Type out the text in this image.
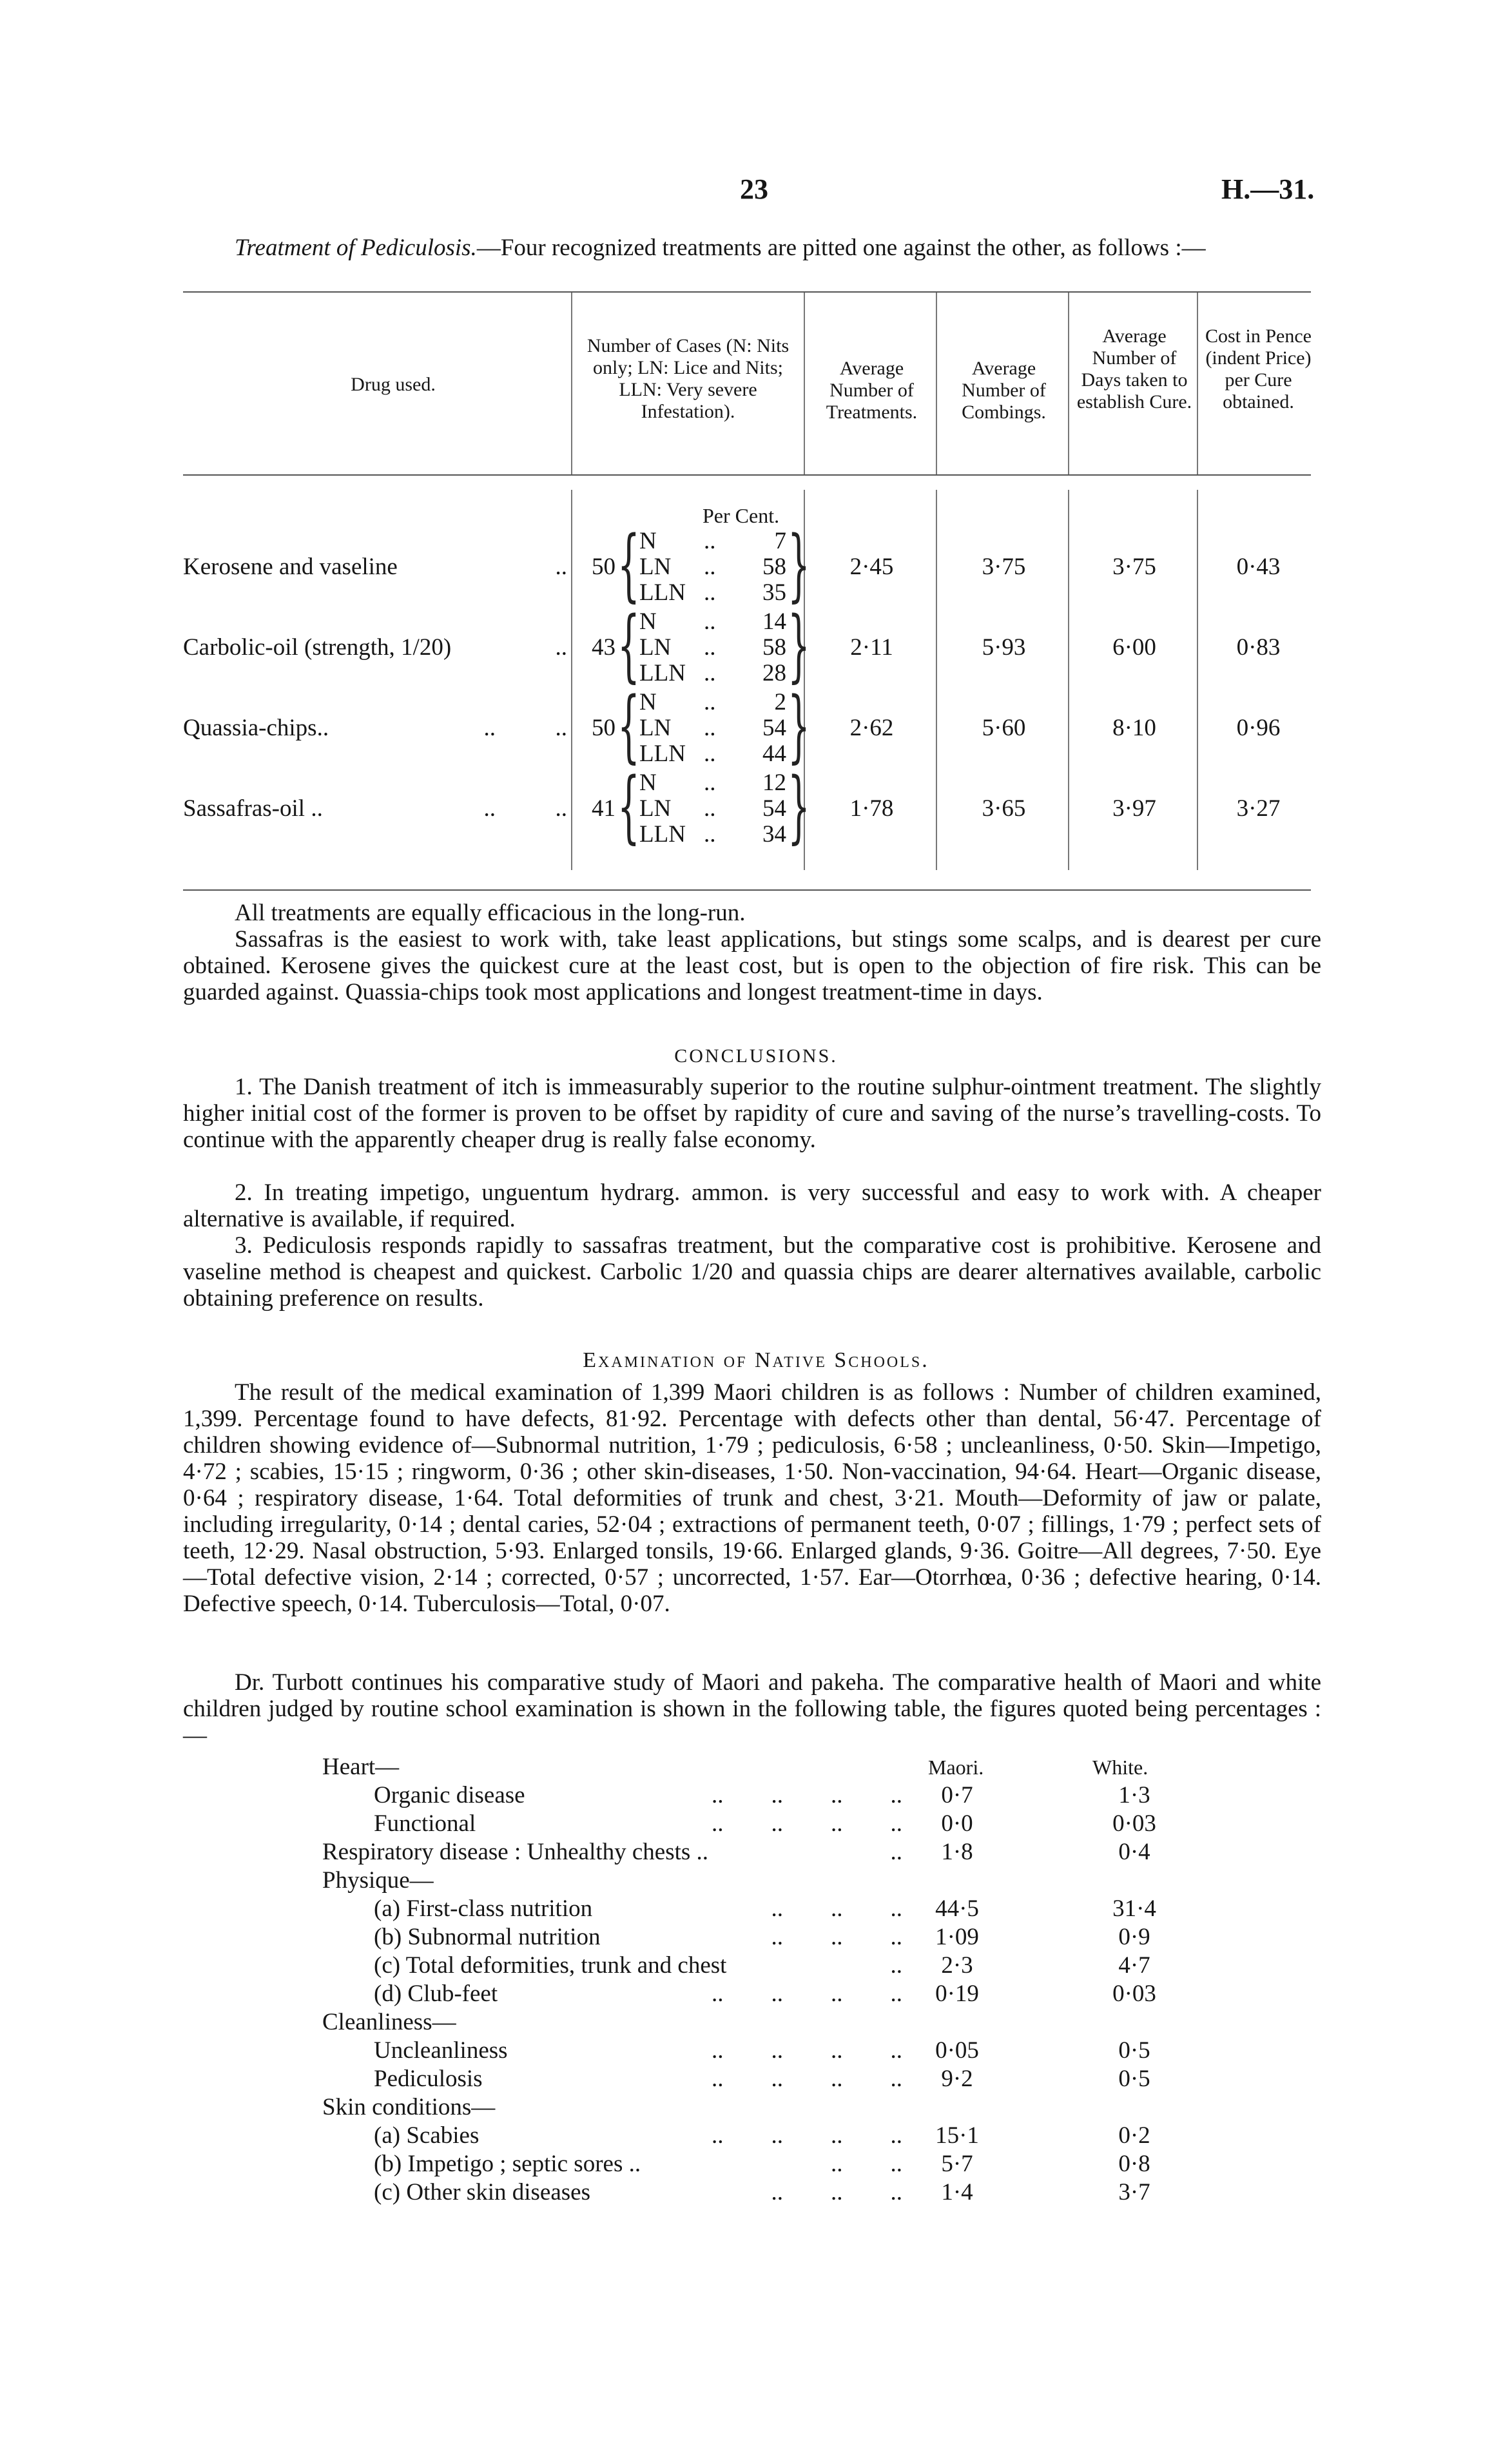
23	H.—31.
Treatment of Pediculosis.—Four recognized treatments are pitted one against the other, as follows :—
Drug used.
Number of Cases (N: Nits only; LN: Lice and Nits; LLN: Very severe Infestation).
Average Number of Treatments.
Average Number of Combings.
Average Number of Days taken to establish Cure.
Cost in Pence (indent Price) per Cure obtained.
Per Cent.
Kerosene and vaseline	..	50 { N ..	7
LN ..	58
LLN ..	35 }	2·45	3·75	3·75	0·43
Carbolic-oil (strength, 1/20)	..	43 { N ..	14
LN ..	58
LLN ..	28 }	2·11	5·93	6·00	0·83
Quassia-chips..	..          ..	50 { N ..	2
LN ..	54
LLN ..	44 }	2·62	5·60	8·10	0·96
Sassafras-oil ..	..          ..	41 { N ..	12
LN ..	54
LLN ..	34 }	1·78	3·65	3·97	3·27
All treatments are equally efficacious in the long-run.
Sassafras is the easiest to work with, take least applications, but stings some scalps, and is dearest per cure obtained. Kerosene gives the quickest cure at the least cost, but is open to the objection of fire risk. This can be guarded against. Quassia-chips took most applications and longest treatment-time in days.
CONCLUSIONS.
1. The Danish treatment of itch is immeasurably superior to the routine sulphur-ointment treatment. The slightly higher initial cost of the former is proven to be offset by rapidity of cure and saving of the nurse’s travelling-costs. To continue with the apparently cheaper drug is really false economy.
2. In treating impetigo, unguentum hydrarg. ammon. is very successful and easy to work with. A cheaper alternative is available, if required.
3. Pediculosis responds rapidly to sassafras treatment, but the comparative cost is prohibitive. Kerosene and vaseline method is cheapest and quickest. Carbolic 1/20 and quassia chips are dearer alternatives available, carbolic obtaining preference on results.
Examination of Native Schools.
The result of the medical examination of 1,399 Maori children is as follows : Number of children examined, 1,399. Percentage found to have defects, 81·92. Percentage with defects other than dental, 56·47. Percentage of children showing evidence of—Subnormal nutrition, 1·79 ; pediculosis, 6·58 ; uncleanliness, 0·50. Skin—Impetigo, 4·72 ; scabies, 15·15 ; ringworm, 0·36 ; other skin-diseases, 1·50. Non-vaccination, 94·64. Heart—Organic disease, 0·64 ; respiratory disease, 1·64. Total deformities of trunk and chest, 3·21. Mouth—Deformity of jaw or palate, including irregularity, 0·14 ; dental caries, 52·04 ; extractions of permanent teeth, 0·07 ; fillings, 1·79 ; perfect sets of teeth, 12·29. Nasal obstruction, 5·93. Enlarged tonsils, 19·66. Enlarged glands, 9·36. Goitre—All degrees, 7·50. Eye—Total defective vision, 2·14 ; corrected, 0·57 ; uncorrected, 1·57. Ear—Otorrhœa, 0·36 ; defective hearing, 0·14. Defective speech, 0·14. Tuberculosis—Total, 0·07.
Dr. Turbott continues his comparative study of Maori and pakeha. The comparative health of Maori and white children judged by routine school examination is shown in the following table, the figures quoted being percentages :—
Maori.	White.
Heart—
Organic disease	..        ..        ..        ..	0·7	1·3
Functional	..        ..        ..        ..	0·0	0·03
Respiratory disease : Unhealthy chests ..	..	1·8	0·4
Physique—
(a) First-class nutrition	..        ..        ..	44·5	31·4
(b) Subnormal nutrition	..        ..        ..	1·09	0·9
(c) Total deformities, trunk and chest	..	2·3	4·7
(d) Club-feet	..        ..        ..        ..	0·19	0·03
Cleanliness—
Uncleanliness	..        ..        ..        ..	0·05	0·5
Pediculosis	..        ..        ..        ..	9·2	0·5
Skin conditions—
(a) Scabies	..        ..        ..        ..	15·1	0·2
(b) Impetigo ; septic sores ..	..        ..	5·7	0·8
(c) Other skin diseases	..        ..        ..	1·4	3·7
